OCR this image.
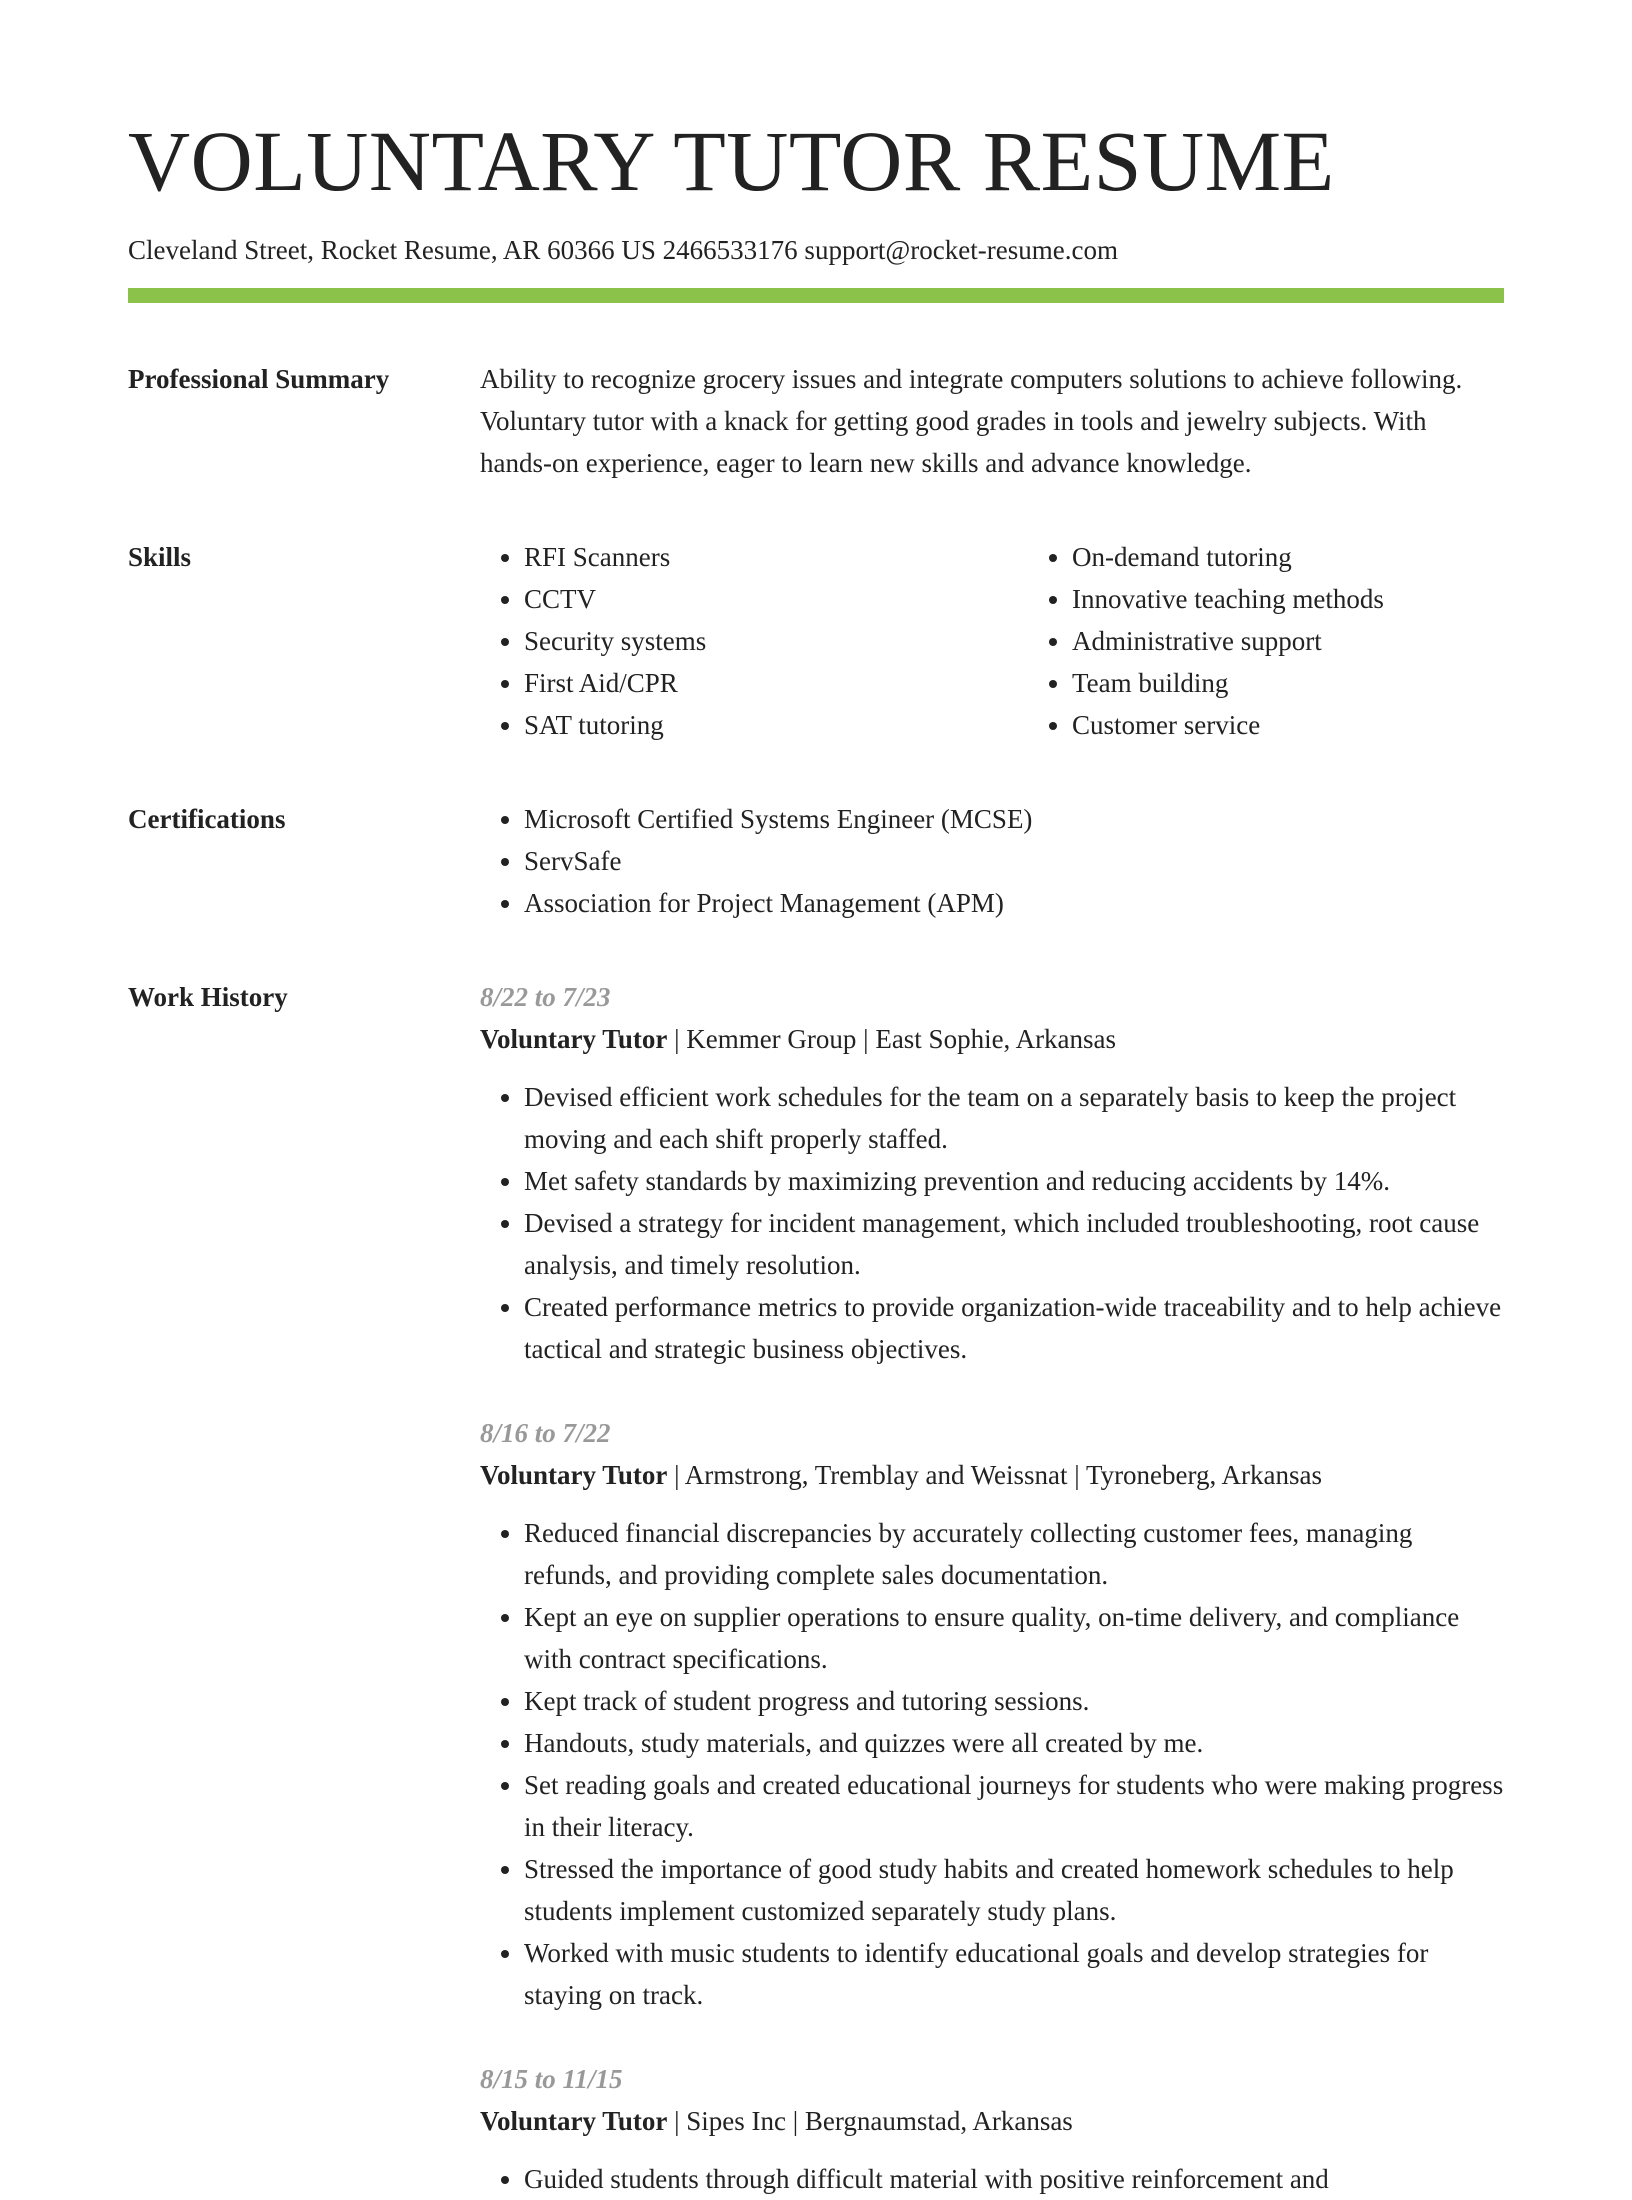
VOLUNTARY TUTOR RESUME
Cleveland Street, Rocket Resume, AR 60366 US 2466533176 support@rocket-resume.com
Professional Summary	Ability to recognize grocery issues and integrate computers solutions to achieve following. Voluntary tutor with a knack for getting good grades in tools and jewelry subjects. With hands-on experience, eager to learn new skills and advance knowledge.

Skills	• RFI Scanners
• CCTV
• Security systems
• First Aid/CPR
• SAT tutoring
• On-demand tutoring
• Innovative teaching methods
• Administrative support
• Team building
• Customer service
Certifications	• Microsoft Certified Systems Engineer (MCSE)
• ServSafe
• Association for Project Management (APM)
Work History	8/22 to 7/23
Voluntary Tutor | Kemmer Group | East Sophie, Arkansas
• Devised efficient work schedules for the team on a separately basis to keep the project moving and each shift properly staffed.
• Met safety standards by maximizing prevention and reducing accidents by 14%.
• Devised a strategy for incident management, which included troubleshooting, root cause analysis, and timely resolution.
• Created performance metrics to provide organization-wide traceability and to help achieve tactical and strategic business objectives.
8/16 to 7/22
Voluntary Tutor | Armstrong, Tremblay and Weissnat | Tyroneberg, Arkansas
• Reduced financial discrepancies by accurately collecting customer fees, managing refunds, and providing complete sales documentation.
• Kept an eye on supplier operations to ensure quality, on-time delivery, and compliance with contract specifications.
• Kept track of student progress and tutoring sessions.
• Handouts, study materials, and quizzes were all created by me.
• Set reading goals and created educational journeys for students who were making progress in their literacy.
• Stressed the importance of good study habits and created homework schedules to help students implement customized separately study plans.
• Worked with music students to identify educational goals and develop strategies for staying on track.
8/15 to 11/15
Voluntary Tutor | Sipes Inc | Bergnaumstad, Arkansas
• Guided students through difficult material with positive reinforcement and
